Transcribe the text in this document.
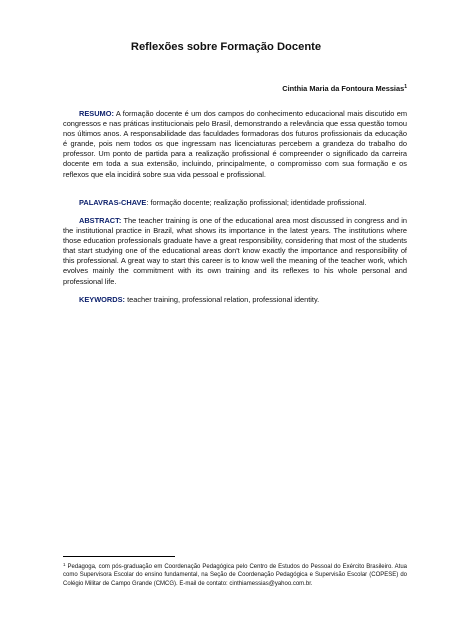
Reflexões sobre Formação Docente
Cinthia Maria da Fontoura Messias$^1$
RESUMO: A formação docente é um dos campos do conhecimento educacional mais discutido em congressos e nas práticas institucionais pelo Brasil, demonstrando a relevância que essa questão tomou nos últimos anos. A responsabilidade das faculdades formadoras dos futuros profissionais da educação é grande, pois nem todos os que ingressam nas licenciaturas percebem a grandeza do trabalho do professor. Um ponto de partida para a realização profissional é compreender o significado da carreira docente em toda a sua extensão, incluindo, principalmente, o compromisso com sua formação e os reflexos que ela incidirá sobre sua vida pessoal e profissional.
PALAVRAS-CHAVE: formação docente; realização profissional; identidade profissional.
ABSTRACT: The teacher training is one of the educational area most discussed in congress and in the institutional practice in Brazil, what shows its importance in the latest years. The institutions where those education professionals graduate have a great responsibility, considering that most of the students that start studying one of the educational areas don't know exactly the importance and responsibility of this professional. A great way to start this career is to know well the meaning of the teacher work, which evolves mainly the commitment with its own training and its reflexes to his whole personal and professional life.
KEYWORDS: teacher training, professional relation, professional identity.
$^1$ Pedagoga, com pós-graduação em Coordenação Pedagógica pelo Centro de Estudos do Pessoal do Exército Brasileiro. Atua como Supervisora Escolar do ensino fundamental, na Seção de Coordenação Pedagógica e Supervisão Escolar (COPESE) do Colégio Militar de Campo Grande (CMCG). E-mail de contato: cinthiamessias@yahoo.com.br.
